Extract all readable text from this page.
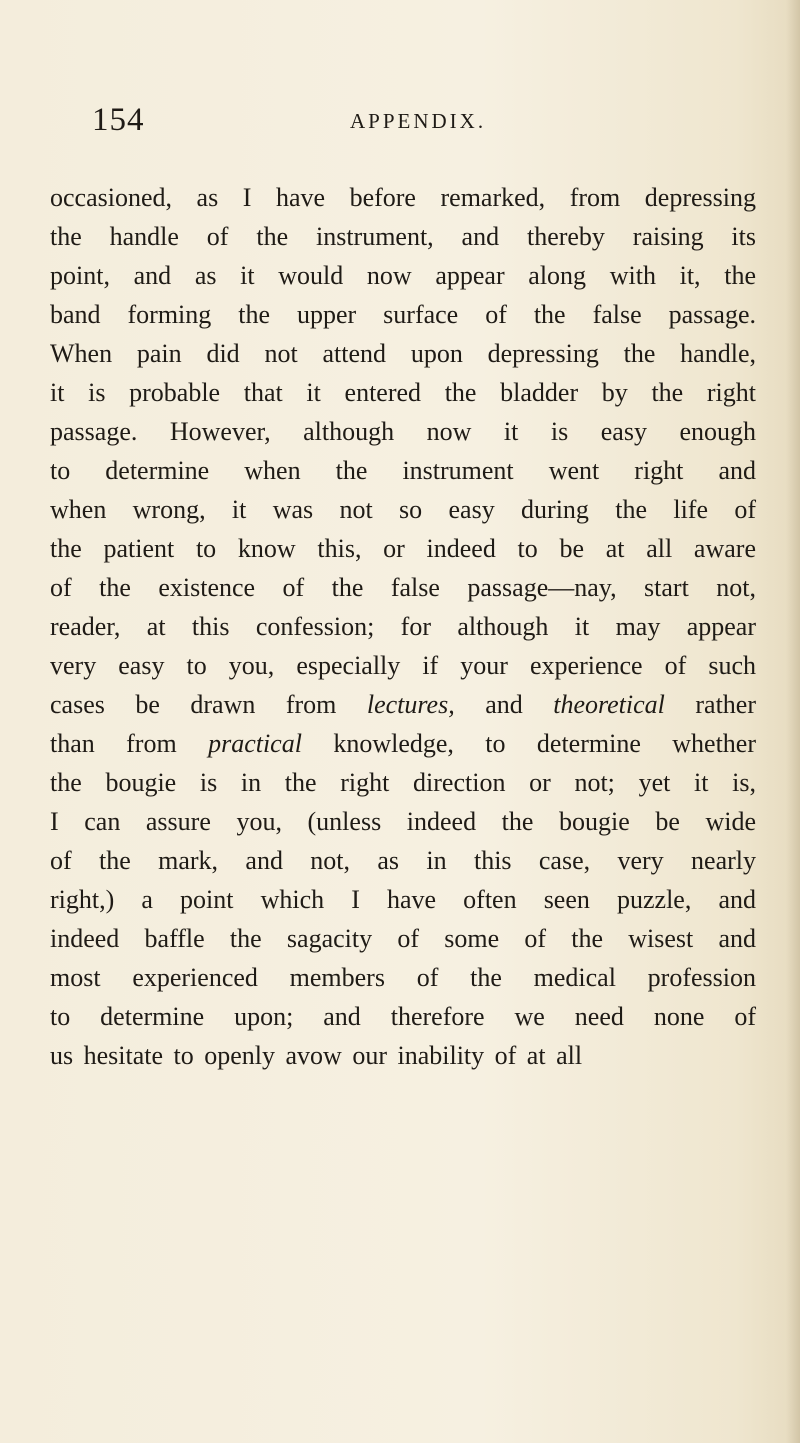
154	APPENDIX.
occasioned, as I have before remarked, from depressing
the handle of the instrument, and thereby raising its
point, and as it would now appear along with it, the
band forming the upper surface of the false passage.
When pain did not attend upon depressing the handle,
it is probable that it entered the bladder by the right
passage. However, although now it is easy enough
to determine when the instrument went right and
when wrong, it was not so easy during the life of
the patient to know this, or indeed to be at all aware
of the existence of the false passage—nay, start not,
reader, at this confession; for although it may appear
very easy to you, especially if your experience of such
cases be drawn from lectures, and theoretical rather
than from practical knowledge, to determine whether
the bougie is in the right direction or not; yet it is,
I can assure you, (unless indeed the bougie be wide
of the mark, and not, as in this case, very nearly
right,) a point which I have often seen puzzle, and
indeed baffle the sagacity of some of the wisest and
most experienced members of the medical profession
to determine upon; and therefore we need none of
us hesitate to openly avow our inability of at all
